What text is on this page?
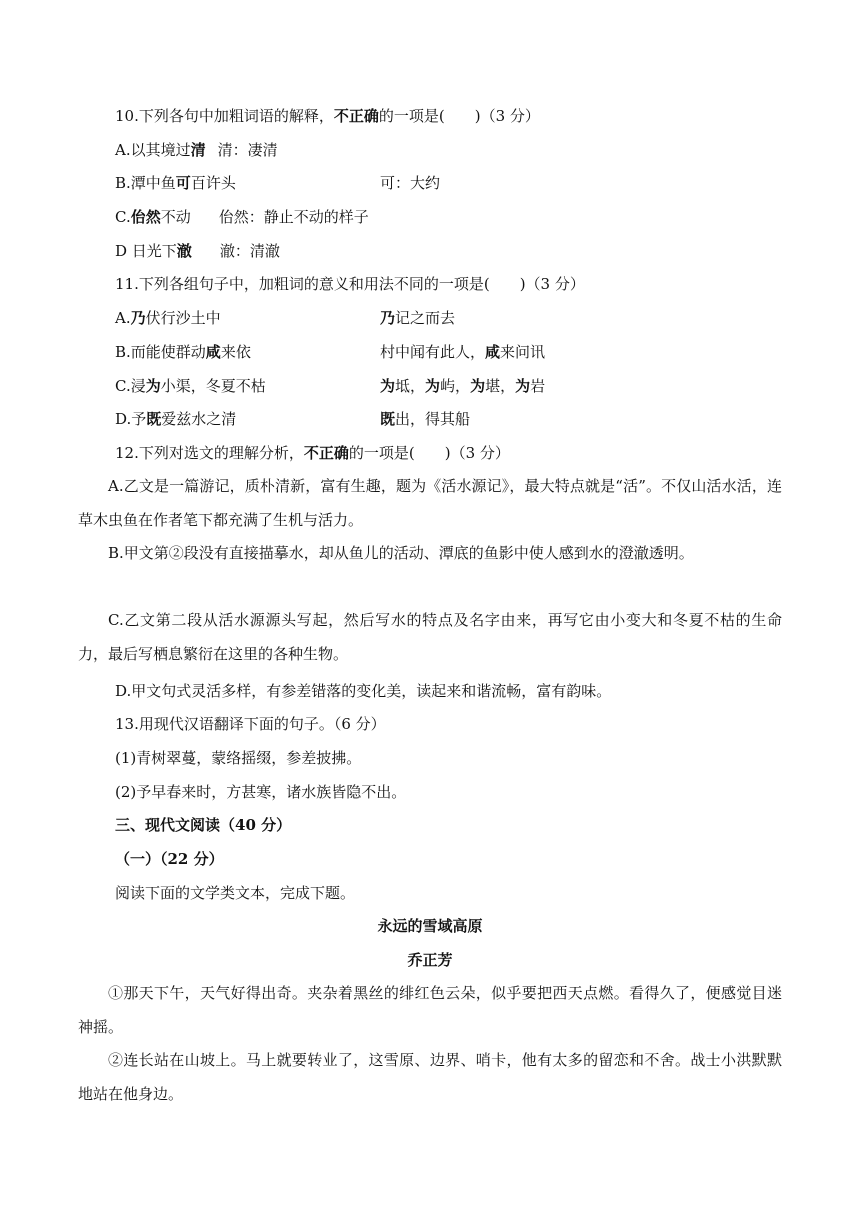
10.下列各句中加粗词语的解释，不正确的一项是(　　)（3 分）
A.以其境过清 清：凄清
B.潭中鱼可百许头	可：大约
C.佁然不动 佁然：静止不动的样子
D 日光下澈 澈：清澈
11.下列各组句子中，加粗词的意义和用法不同的一项是(　　)（3 分）
A.乃伏行沙土中	乃记之而去
B.而能使群动咸来依	村中闻有此人，咸来问讯
C.浸为小渠，冬夏不枯	为坻，为屿，为堪，为岩
D.予既爱兹水之清	既出，得其船
12.下列对选文的理解分析，不正确的一项是(　　)（3 分）
A.乙文是一篇游记，质朴清新，富有生趣，题为《活水源记》，最大特点就是“活”。不仅山活水活，连草木虫鱼在作者笔下都充满了生机与活力。
B.甲文第②段没有直接描摹水，却从鱼儿的活动、潭底的鱼影中使人感到水的澄澈透明。
C.乙文第二段从活水源源头写起，然后写水的特点及名字由来，再写它由小变大和冬夏不枯的生命力，最后写栖息繁衍在这里的各种生物。
D.甲文句式灵活多样，有参差错落的变化美，读起来和谐流畅，富有韵味。
13.用现代汉语翻译下面的句子。（6 分）
(1)青树翠蔓，蒙络摇缀，参差披拂。
(2)予早春来时，方甚寒，诸水族皆隐不出。
三、现代文阅读（40 分）
（一）（22 分）
阅读下面的文学类文本，完成下题。
永远的雪域高原
乔正芳
①那天下午，天气好得出奇。夹杂着黑丝的绯红色云朵，似乎要把西天点燃。看得久了，便感觉目迷神摇。
②连长站在山坡上。马上就要转业了，这雪原、边界、哨卡，他有太多的留恋和不舍。战士小洪默默地站在他身边。
